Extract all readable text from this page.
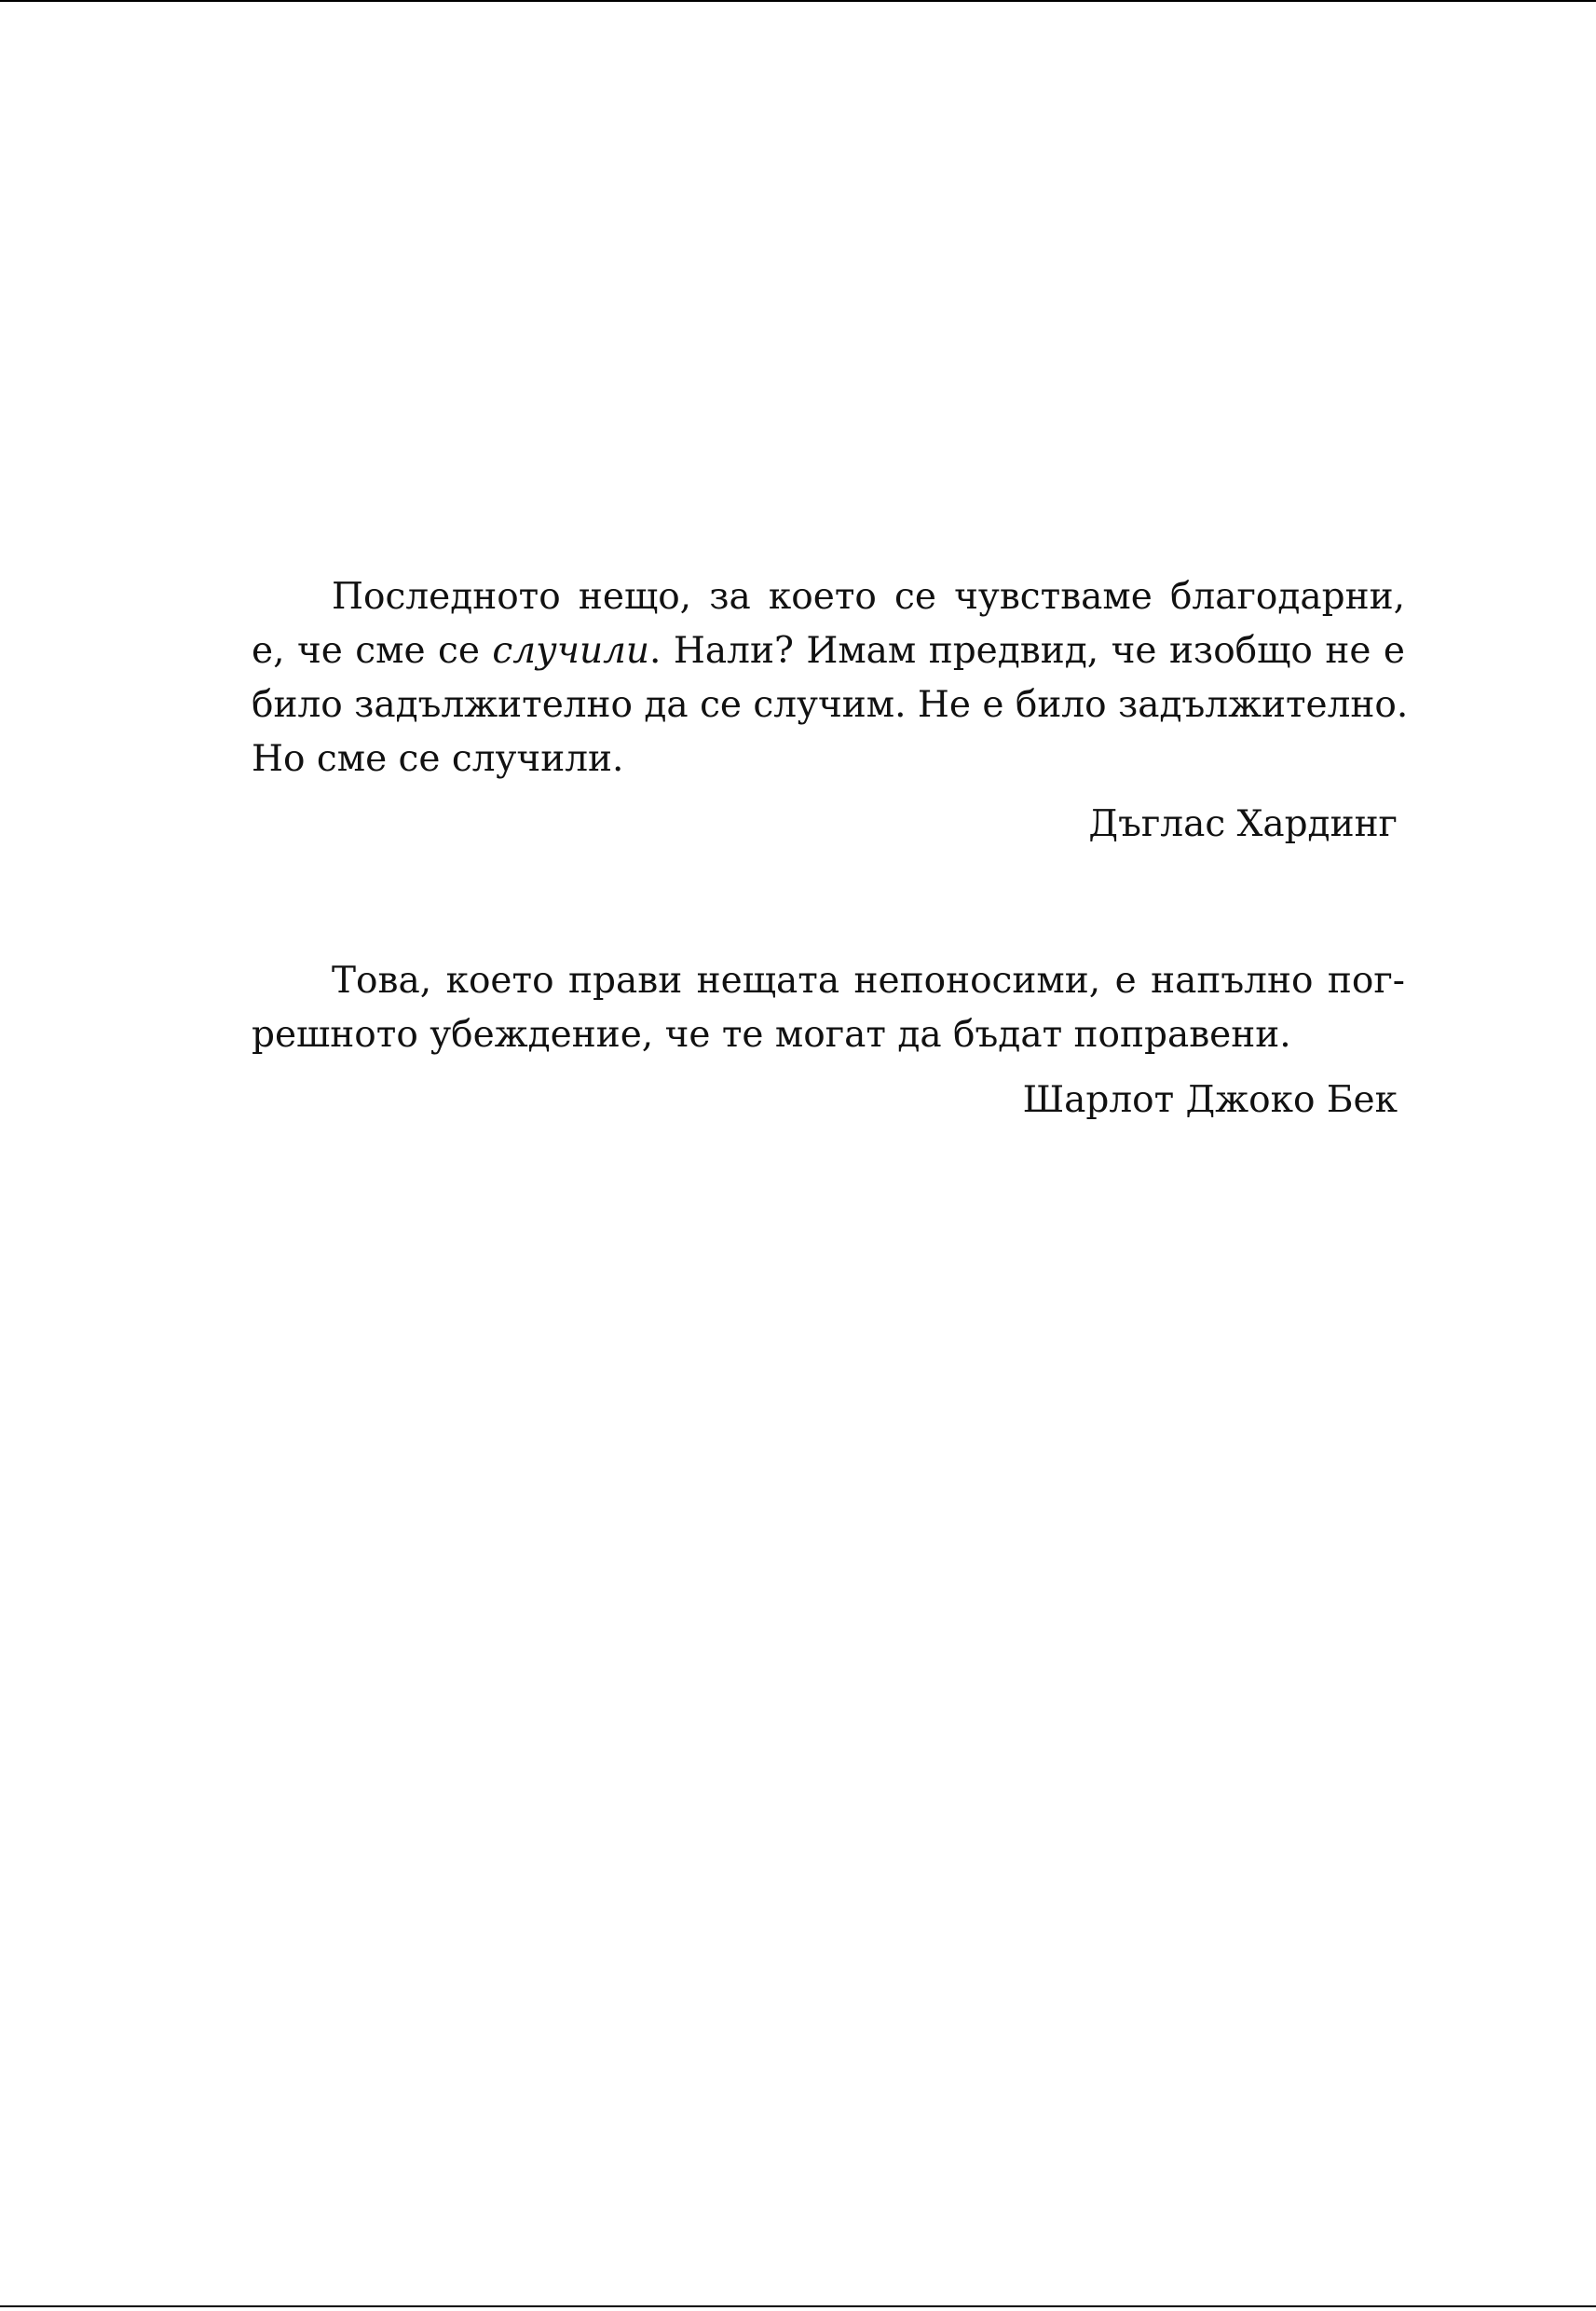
Последното нещо, за което се чувстваме благодарни,
е, че сме се случили. Нали? Имам предвид, че изобщо не е
било задължително да се случим. Не е било задължително.
Но сме се случили.
Дъглас Хардинг
Това, което прави нещата непоносими, е напълно пог-
решното убеждение, че те могат да бъдат поправени.
Шарлот Джоко Бек
